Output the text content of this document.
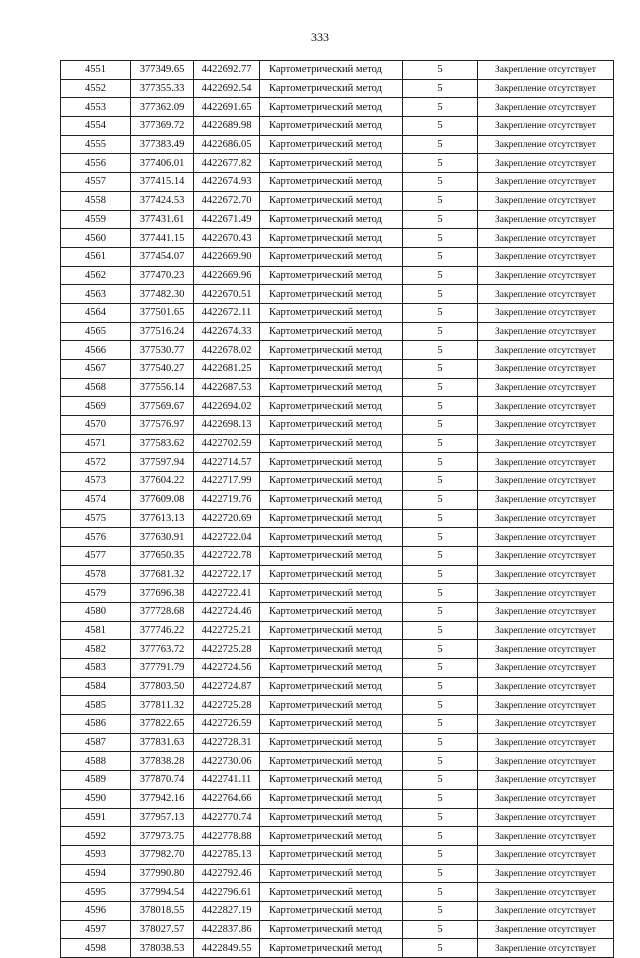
333
4551	377349.65	4422692.77	Картометрический метод	5	Закрепление отсутствует
4552	377355.33	4422692.54	Картометрический метод	5	Закрепление отсутствует
4553	377362.09	4422691.65	Картометрический метод	5	Закрепление отсутствует
4554	377369.72	4422689.98	Картометрический метод	5	Закрепление отсутствует
4555	377383.49	4422686.05	Картометрический метод	5	Закрепление отсутствует
4556	377406.01	4422677.82	Картометрический метод	5	Закрепление отсутствует
4557	377415.14	4422674.93	Картометрический метод	5	Закрепление отсутствует
4558	377424.53	4422672.70	Картометрический метод	5	Закрепление отсутствует
4559	377431.61	4422671.49	Картометрический метод	5	Закрепление отсутствует
4560	377441.15	4422670.43	Картометрический метод	5	Закрепление отсутствует
4561	377454.07	4422669.90	Картометрический метод	5	Закрепление отсутствует
4562	377470.23	4422669.96	Картометрический метод	5	Закрепление отсутствует
4563	377482.30	4422670.51	Картометрический метод	5	Закрепление отсутствует
4564	377501.65	4422672.11	Картометрический метод	5	Закрепление отсутствует
4565	377516.24	4422674.33	Картометрический метод	5	Закрепление отсутствует
4566	377530.77	4422678.02	Картометрический метод	5	Закрепление отсутствует
4567	377540.27	4422681.25	Картометрический метод	5	Закрепление отсутствует
4568	377556.14	4422687.53	Картометрический метод	5	Закрепление отсутствует
4569	377569.67	4422694.02	Картометрический метод	5	Закрепление отсутствует
4570	377576.97	4422698.13	Картометрический метод	5	Закрепление отсутствует
4571	377583.62	4422702.59	Картометрический метод	5	Закрепление отсутствует
4572	377597.94	4422714.57	Картометрический метод	5	Закрепление отсутствует
4573	377604.22	4422717.99	Картометрический метод	5	Закрепление отсутствует
4574	377609.08	4422719.76	Картометрический метод	5	Закрепление отсутствует
4575	377613.13	4422720.69	Картометрический метод	5	Закрепление отсутствует
4576	377630.91	4422722.04	Картометрический метод	5	Закрепление отсутствует
4577	377650.35	4422722.78	Картометрический метод	5	Закрепление отсутствует
4578	377681.32	4422722.17	Картометрический метод	5	Закрепление отсутствует
4579	377696.38	4422722.41	Картометрический метод	5	Закрепление отсутствует
4580	377728.68	4422724.46	Картометрический метод	5	Закрепление отсутствует
4581	377746.22	4422725.21	Картометрический метод	5	Закрепление отсутствует
4582	377763.72	4422725.28	Картометрический метод	5	Закрепление отсутствует
4583	377791.79	4422724.56	Картометрический метод	5	Закрепление отсутствует
4584	377803.50	4422724.87	Картометрический метод	5	Закрепление отсутствует
4585	377811.32	4422725.28	Картометрический метод	5	Закрепление отсутствует
4586	377822.65	4422726.59	Картометрический метод	5	Закрепление отсутствует
4587	377831.63	4422728.31	Картометрический метод	5	Закрепление отсутствует
4588	377838.28	4422730.06	Картометрический метод	5	Закрепление отсутствует
4589	377870.74	4422741.11	Картометрический метод	5	Закрепление отсутствует
4590	377942.16	4422764.66	Картометрический метод	5	Закрепление отсутствует
4591	377957.13	4422770.74	Картометрический метод	5	Закрепление отсутствует
4592	377973.75	4422778.88	Картометрический метод	5	Закрепление отсутствует
4593	377982.70	4422785.13	Картометрический метод	5	Закрепление отсутствует
4594	377990.80	4422792.46	Картометрический метод	5	Закрепление отсутствует
4595	377994.54	4422796.61	Картометрический метод	5	Закрепление отсутствует
4596	378018.55	4422827.19	Картометрический метод	5	Закрепление отсутствует
4597	378027.57	4422837.86	Картометрический метод	5	Закрепление отсутствует
4598	378038.53	4422849.55	Картометрический метод	5	Закрепление отсутствует
